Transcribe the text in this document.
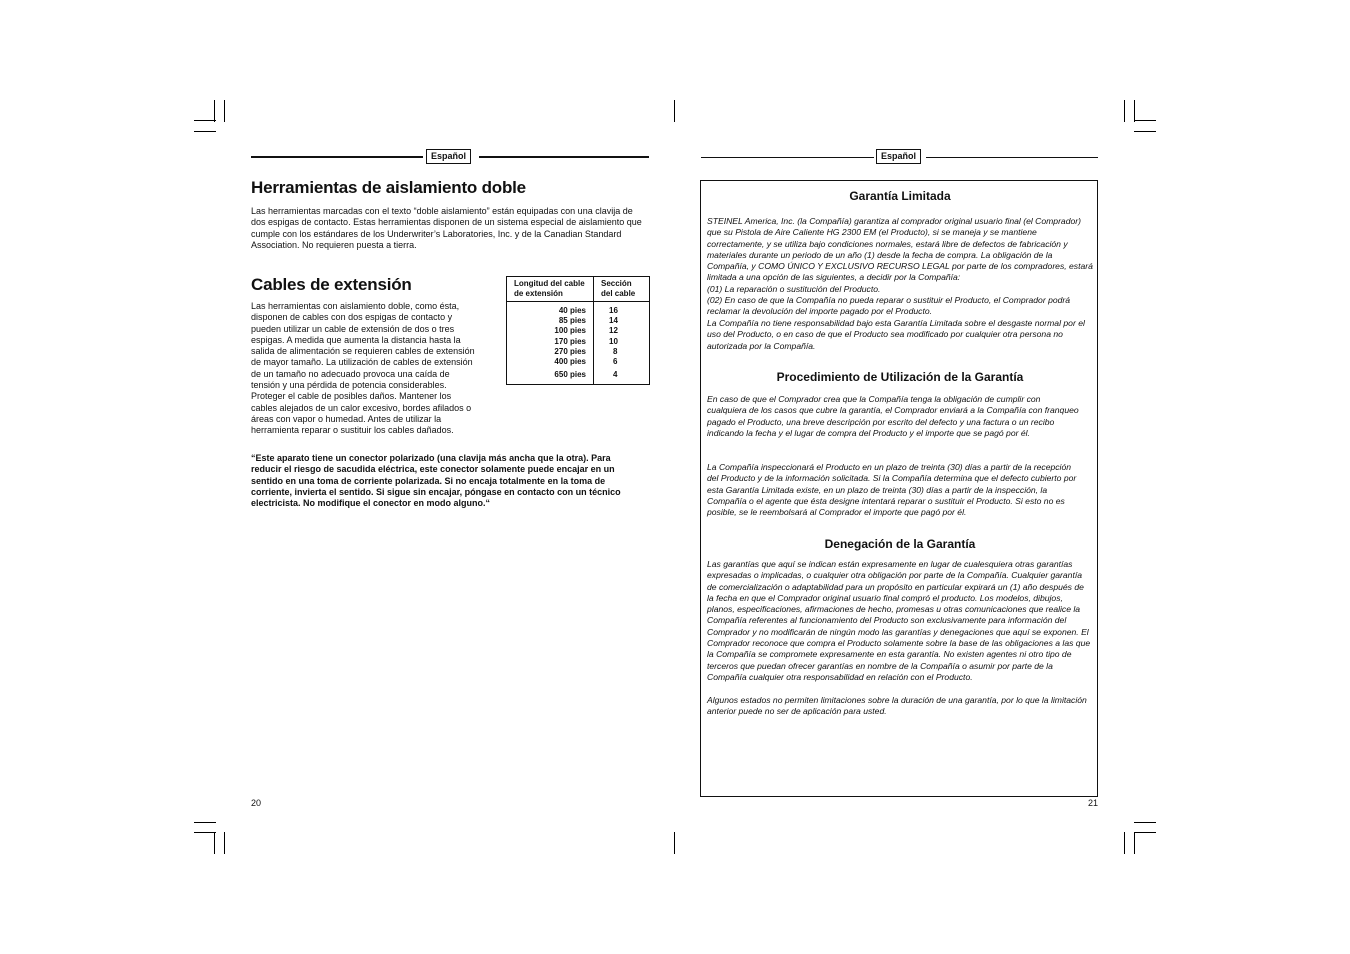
Español
Herramientas de aislamiento doble

Las herramientas marcadas con el texto “doble aislamiento” están equipadas con una clavija de dos espigas de contacto. Estas herramientas disponen de un sistema especial de aislamiento que cumple con los estándares de los Underwriter’s Laboratories, Inc. y de la Canadian Standard Association. No requieren puesta a tierra.

Cables de extensión

Las herramientas con aislamiento doble, como ésta, disponen de cables con dos espigas de contacto y pueden utilizar un cable de extensión de dos o tres espigas. A medida que aumenta la distancia hasta la salida de alimentación se requieren cables de extensión de mayor tamaño. La utilización de cables de extensión de un tamaño no adecuado provoca una caída de tensión y una pérdida de potencia considerables. Proteger el cable de posibles daños. Mantener los cables alejados de un calor excesivo, bordes afilados o áreas con vapor o humedad. Antes de utilizar la herramienta reparar o sustituir los cables dañados.

Longitud del cable de extensión	Sección del cable
40 pies	16
85 pies	14
100 pies	12
170 pies	10
270 pies	8
400 pies	6
650 pies	4
“Este aparato tiene un conector polarizado (una clavija más ancha que la otra). Para reducir el riesgo de sacudida eléctrica, este conector solamente puede encajar en un sentido en una toma de corriente polarizada. Si no encaja totalmente en la toma de corriente, invierta el sentido. Si sigue sin encajar, póngase en contacto con un técnico electricista. No modifique el conector en modo alguno.“
20
Español
Garantía Limitada

STEINEL America, Inc. (la Compañía) garantiza al comprador original usuario final (el Comprador) que su Pistola de Aire Caliente HG 2300 EM (el Producto), si se maneja y se mantiene correctamente, y se utiliza bajo condiciones normales, estará libre de defectos de fabricación y materiales durante un periodo de un año (1) desde la fecha de compra. La obligación de la Compañía, y COMO ÚNICO Y EXCLUSIVO RECURSO LEGAL por parte de los compradores, estará limitada a una opción de las siguientes, a decidir por la Compañía:

(01) La reparación o sustitución del Producto.

(02) En caso de que la Compañía no pueda reparar o sustituir el Producto, el Comprador podrá reclamar la devolución del importe pagado por el Producto.

La Compañía no tiene responsabilidad bajo esta Garantía Limitada sobre el desgaste normal por el uso del Producto, o en caso de que el Producto sea modificado por cualquier otra persona no autorizada por la Compañía.

Procedimiento de Utilización de la Garantía

En caso de que el Comprador crea que la Compañía tenga la obligación de cumplir con cualquiera de los casos que cubre la garantía, el Comprador enviará a la Compañía con franqueo pagado el Producto, una breve descripción por escrito del defecto y una factura o un recibo indicando la fecha y el lugar de compra del Producto y el importe que se pagó por él.

La Compañía inspeccionará el Producto en un plazo de treinta (30) días a partir de la recepción del Producto y de la información solicitada. Si la Compañía determina que el defecto cubierto por esta Garantía Limitada existe, en un plazo de treinta (30) días a partir de la inspección, la Compañía o el agente que ésta designe intentará reparar o sustituir el Producto. Si esto no es posible, se le reembolsará al Comprador el importe que pagó por él.

Denegación de la Garantía

Las garantías que aquí se indican están expresamente en lugar de cualesquiera otras garantías expresadas o implicadas, o cualquier otra obligación por parte de la Compañía. Cualquier garantía de comercialización o adaptabilidad para un propósito en particular expirará un (1) año después de la fecha en que el Comprador original usuario final compró el producto. Los modelos, dibujos, planos, especificaciones, afirmaciones de hecho, promesas u otras comunicaciones que realice la Compañía referentes al funcionamiento del Producto son exclusivamente para información del Comprador y no modificarán de ningún modo las garantías y denegaciones que aquí se exponen. El Comprador reconoce que compra el Producto solamente sobre la base de las obligaciones a las que la Compañía se compromete expresamente en esta garantía. No existen agentes ni otro tipo de terceros que puedan ofrecer garantías en nombre de la Compañía o asumir por parte de la Compañía cualquier otra responsabilidad en relación con el Producto.

Algunos estados no permiten limitaciones sobre la duración de una garantía, por lo que la limitación anterior puede no ser de aplicación para usted.

21
